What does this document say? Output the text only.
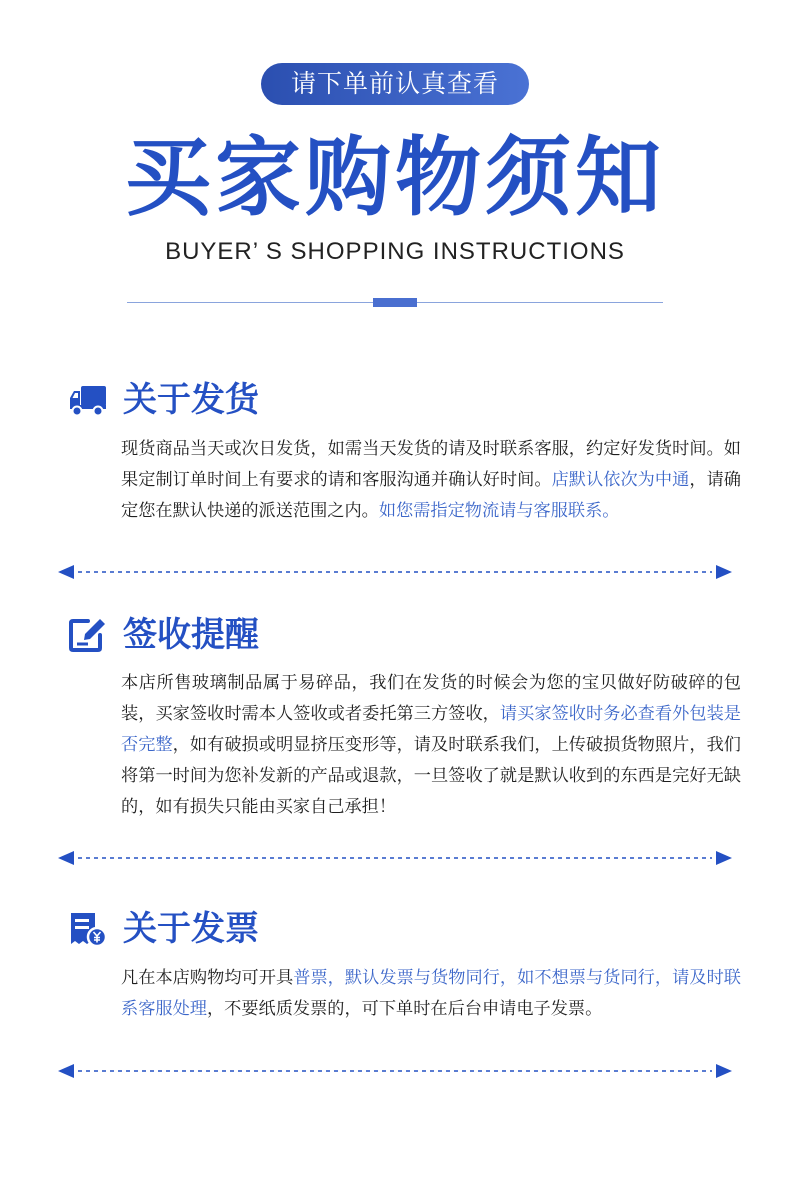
请下单前认真查看
买家购物须知
BUYER’ S SHOPPING INSTRUCTIONS
关于发货
现货商品当天或次日发货，如需当天发货的请及时联系客服，约定好发货时间。如果定制订单时间上有要求的请和客服沟通并确认好时间。店默认依次为中通，请确定您在默认快递的派送范围之内。如您需指定物流请与客服联系。
签收提醒
本店所售玻璃制品属于易碎品，我们在发货的时候会为您的宝贝做好防破碎的包装，买家签收时需本人签收或者委托第三方签收，请买家签收时务必查看外包装是否完整，如有破损或明显挤压变形等，请及时联系我们，上传破损货物照片，我们将第一时间为您补发新的产品或退款，一旦签收了就是默认收到的东西是完好无缺的，如有损失只能由买家自己承担！
关于发票
凡在本店购物均可开具普票，默认发票与货物同行，如不想票与货同行，请及时联系客服处理，不要纸质发票的，可下单时在后台申请电子发票。
